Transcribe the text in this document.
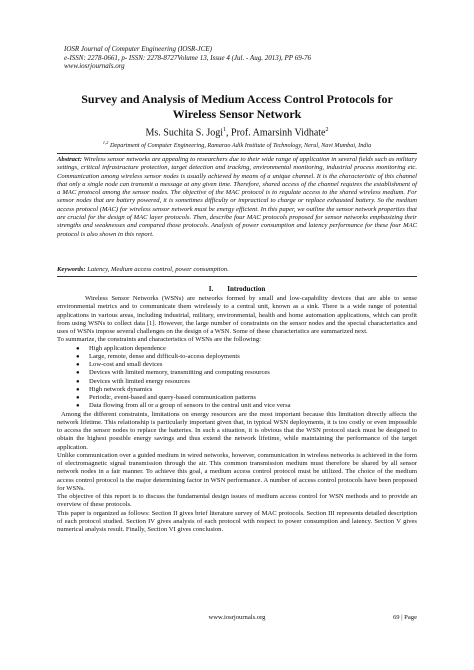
IOSR Journal of Computer Engineering (IOSR-JCE)
e-ISSN: 2278-0661, p- ISSN: 2278-8727Volume 13, Issue 4 (Jul. - Aug. 2013), PP 69-76
www.iosrjournals.org
Survey and Analysis of Medium Access Control Protocols for
Wireless Sensor Network
Ms. Suchita S. Jogi$^1$, Prof. Amarsinh Vidhate$^2$
$^{1,2}$ Department of Computer Engineering, Ramarao Adik Institute of Technology, Nerul, Navi Mumbai, India
Abstract: Wireless sensor networks are appealing to researchers due to their wide range of application in several fields such as military settings, critical infrastructure protection, target detection and tracking, environmental monitoring, industrial process monitoring etc. Communication among wireless sensor nodes is usually achieved by means of a unique channel. It is the characteristic of this channel that only a single node can transmit a message at any given time. Therefore, shared access of the channel requires the establishment of a MAC protocol among the sensor nodes. The objective of the MAC protocol is to regulate access to the shared wireless medium. For sensor nodes that are battery powered, it is sometimes difficulty or impractical to charge or replace exhausted battery. So the medium access protocol (MAC) for wireless sensor network must be energy efficient. In this paper, we outline the sensor network properties that are crucial for the design of MAC layer protocols. Then, describe four MAC protocols proposed for sensor networks emphasizing their strengths and weaknesses and compared those protocols. Analysis of power consumption and latency performance for these four MAC protocol is also shown in this report.
Keywords: Latency, Medium access control, power consumption.
I.        Introduction

Wireless Sensor Networks (WSNs) are networks formed by small and low-capability devices that are able to sense environmental metrics and to communicate them wirelessly to a central unit, known as a sink. There is a wide range of potential applications in various areas, including industrial, military, environmental, health and home automation applications, which can profit from using WSNs to collect data [1]. However, the large number of constraints on the sensor nodes and the special characteristics and uses of WSNs impose several challenges on the design of a WSN. Some of these characteristics are summarized next.

To summarize, the constraints and characteristics of WSNs are the following:

● High application dependence
● Large, remote, dense and difficult-to-access deployments
● Low-cost and small devices
● Devices with limited memory, transmitting and computing resources
● Devices with limited energy resources
● High network dynamics
● Periodic, event-based and query-based communication patterns
● Data flowing from all or a group of sensors to the central unit and vice versa

Among the different constraints, limitations on energy resources are the most important because this limitation directly affects the network lifetime. This relationship is particularly important given that, in typical WSN deployments, it is too costly or even impossible to access the sensor nodes to replace the batteries. In such a situation, it is obvious that the WSN protocol stack must be designed to obtain the highest possible energy savings and thus extend the network lifetime, while maintaining the performance of the target application.

Unlike communication over a guided medium in wired networks, however, communication in wireless networks is achieved in the form of electromagnetic signal transmission through the air. This common transmission medium must therefore be shared by all sensor network nodes in a fair manner. To achieve this goal, a medium access control protocol must be utilized. The choice of the medium access control protocol is the major determining factor in WSN performance. A number of access control protocols have been proposed for WSNs.

The objective of this report is to discuss the fundamental design issues of medium access control for WSN methods and to provide an overview of these protocols.

This paper is organized as follows: Section II gives brief literature survey of MAC protocols. Section III represents detailed description of each protocol studied. Section IV gives analysis of each protocol with respect to power consumption and latency. Section V gives numerical analysis result. Finally, Section VI gives conclusion.

www.iosrjournals.org	69 | Page
